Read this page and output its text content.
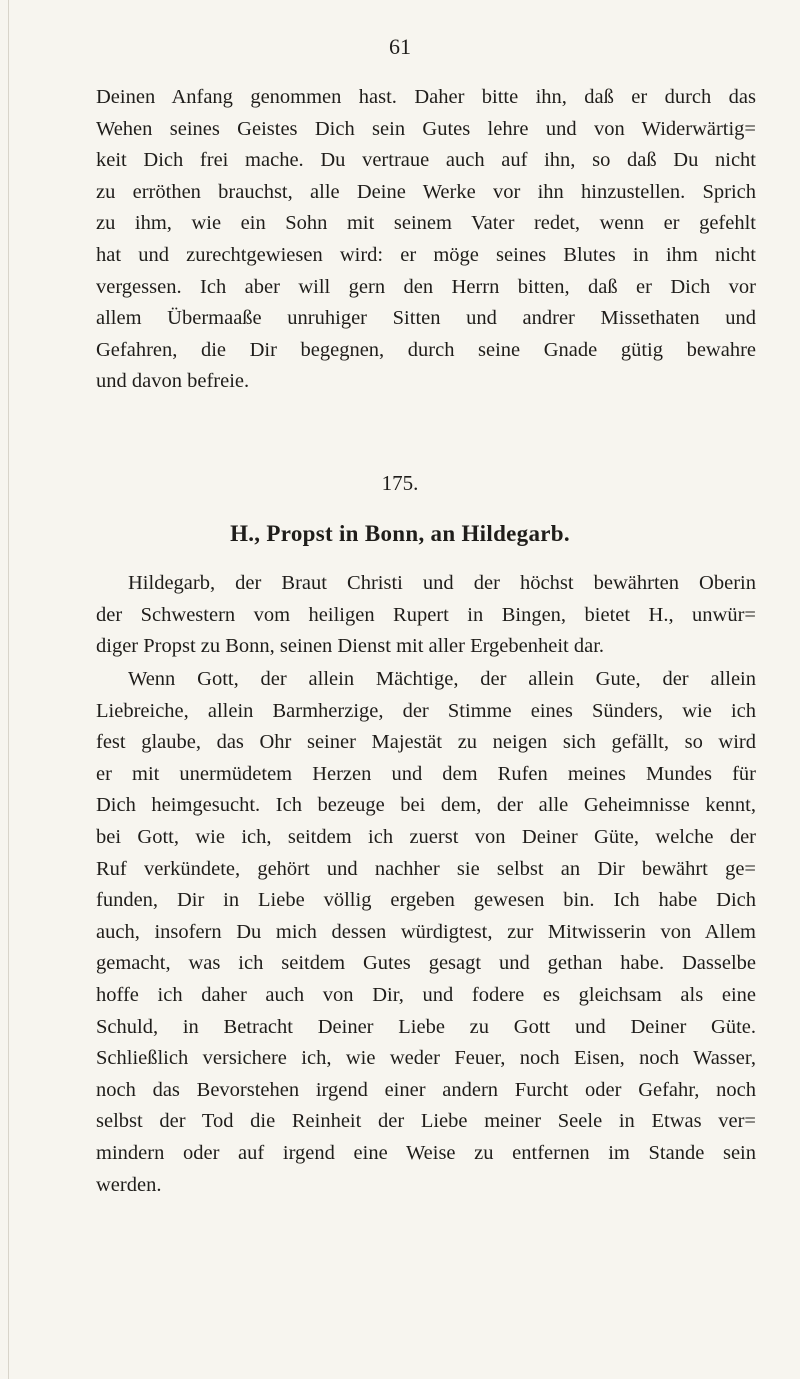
61
Deinen Anfang genommen hast. Daher bitte ihn, daß er durch das
Wehen seines Geistes Dich sein Gutes lehre und von Widerwärtig=
keit Dich frei mache. Du vertraue auch auf ihn, so daß Du nicht
zu erröthen brauchst, alle Deine Werke vor ihn hinzustellen. Sprich
zu ihm, wie ein Sohn mit seinem Vater redet, wenn er gefehlt
hat und zurechtgewiesen wird: er möge seines Blutes in ihm nicht
vergessen. Ich aber will gern den Herrn bitten, daß er Dich vor
allem Übermaaße unruhiger Sitten und andrer Missethaten und
Gefahren, die Dir begegnen, durch seine Gnade gütig bewahre
und davon befreie.
175.
H., Propst in Bonn, an Hildegarb.
Hildegarb, der Braut Christi und der höchst bewährten Oberin
der Schwestern vom heiligen Rupert in Bingen, bietet H., unwür=
diger Propst zu Bonn, seinen Dienst mit aller Ergebenheit dar.
Wenn Gott, der allein Mächtige, der allein Gute, der allein
Liebreiche, allein Barmherzige, der Stimme eines Sünders, wie ich
fest glaube, das Ohr seiner Majestät zu neigen sich gefällt, so wird
er mit unermüdetem Herzen und dem Rufen meines Mundes für
Dich heimgesucht. Ich bezeuge bei dem, der alle Geheimnisse kennt,
bei Gott, wie ich, seitdem ich zuerst von Deiner Güte, welche der
Ruf verkündete, gehört und nachher sie selbst an Dir bewährt ge=
funden, Dir in Liebe völlig ergeben gewesen bin. Ich habe Dich
auch, insofern Du mich dessen würdigtest, zur Mitwisserin von Allem
gemacht, was ich seitdem Gutes gesagt und gethan habe. Dasselbe
hoffe ich daher auch von Dir, und fodere es gleichsam als eine
Schuld, in Betracht Deiner Liebe zu Gott und Deiner Güte.
Schließlich versichere ich, wie weder Feuer, noch Eisen, noch Wasser,
noch das Bevorstehen irgend einer andern Furcht oder Gefahr, noch
selbst der Tod die Reinheit der Liebe meiner Seele in Etwas ver=
mindern oder auf irgend eine Weise zu entfernen im Stande sein
werden.
